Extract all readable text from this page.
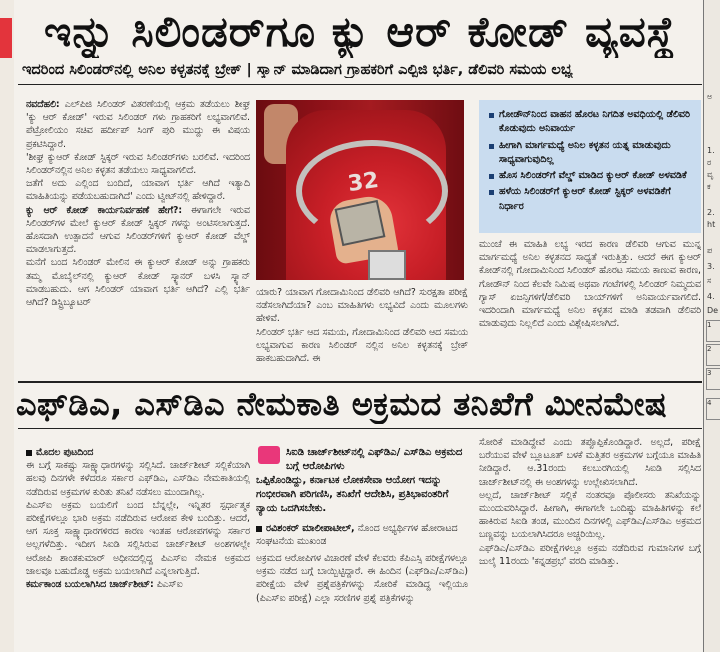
ಅ
1.
ರ
ವೃ
ಕ
2.
ht
ಪ
3.
ಸ
4.
De
1
2
3
4
ಇನ್ನು ಸಿಲಿಂಡರ್‌ಗೂ ಕ್ಯು ಆರ್ ಕೋಡ್ ವ್ಯವಸ್ಥೆ
ಇದರಿಂದ ಸಿಲಿಂಡರ್‌ನಲ್ಲಿ ಅನಿಲ ಕಳ್ಳತನಕ್ಕೆ ಬ್ರೇಕ್ | ಸ್ಕ್ಯಾನ್ ಮಾಡಿದಾಗ ಗ್ರಾಹಕರಿಗೆ ಎಲ್ಪಿಜಿ ಭರ್ತಿ, ಡೆಲಿವರಿ ಸಮಯ ಲಭ್ಯ

ನವದೆಹಲಿ: ಎಲ್‌ಪಿಜಿ ಸಿಲಿಂಡರ್ ವಿತರಣೆಯಲ್ಲಿ ಆಕ್ರಮ ತಡೆಯಲು ಶೀಘ್ರ 'ಕ್ಯು ಆರ್ ಕೋಡ್' ಇರುವ ಸಿಲಿಂಡರ್ ಗಳು ಗ್ರಾಹಕರಿಗೆ ಲಭ್ಯವಾಗಲಿವೆ. ಪೆಟ್ರೋಲಿಯಂ ಸಚಿವ ಹರ್ದೀಪ್ ಸಿಂಗ್ ಪುರಿ ಮುದ್ದು ಈ ವಿಷಯ ಪ್ರಕಟಿಸಿದ್ದಾರೆ.

'ಶೀಘ್ರ ಕ್ಯುಆರ್ ಕೋಡ್ ಸ್ಟಿಕ್ಕರ್ ಇರುವ ಸಿಲಿಂಡರ್‌ಗಳು ಬರಲಿವೆ. ಇದರಿಂದ ಸಿಲಿಂಡರ್‌ನಲ್ಲಿನ ಅನಿಲ ಕಳ್ಳತನ ತಡೆಯಲು ಸಾಧ್ಯವಾಗಲಿದೆ.

ಜತೆಗೆ ಅದು ಎಲ್ಲಿಂದ ಬಂದಿದೆ, ಯಾವಾಗ ಭರ್ತಿ ಆಗಿದೆ ಇತ್ಯಾದಿ ಮಾಹಿತಿಯನ್ನು ಪಡೆಯಬಹುದಾಗಿದೆ' ಎಂದು ಟ್ವೀಟ್‌ನಲ್ಲಿ ಹೇಳಿದ್ದಾರೆ.

ಕ್ಯು ಆರ್ ಕೋಡ್ ಕಾರ್ಯನಿರ್ವಹಣೆ ಹೇಗೆ?: ಈಗಾಗಲೇ ಇರುವ ಸಿಲಿಂಡರ್‌ಗಳ ಮೇಲೆ ಕ್ಯುಆರ್ ಕೋಡ್ ಸ್ಟಿಕ್ಕರ್ ಗಳನ್ನು ಅಂಟಿಸಲಾಗುತ್ತದೆ. ಹೊಸದಾಗಿ ಉತ್ಪಾದನೆ ಆಗುವ ಸಿಲಿಂಡರ್‌ಗಳಿಗೆ ಕ್ಯುಆರ್ ಕೋಡ್ ವೆಲ್ಡ್ ಮಾಡಲಾಗುತ್ತದೆ.

ಮನೆಗೆ ಬಂದ ಸಿಲಿಂಡರ್ ಮೇಲಿನ ಈ ಕ್ಯುಆರ್ ಕೋಡ್ ಅನ್ನು ಗ್ರಾಹಕರು ತಮ್ಮ ಮೊಬೈಲ್‌ನಲ್ಲಿ ಕ್ಯುಆರ್ ಕೋಡ್ ಸ್ಕ್ಯಾನರ್ ಬಳಸಿ ಸ್ಕ್ಯಾನ್ ಮಾಡಬಹುದು. ಆಗ ಸಿಲಿಂಡರ್ ಯಾವಾಗ ಭರ್ತಿ ಆಗಿದೆ? ಎಲ್ಲಿ ಭರ್ತಿ ಆಗಿದೆ? ಡಿಸ್ಟ್ರಿಬ್ಯೂಟರ್

32

ಯಾರು? ಯಾವಾಗ ಗೋದಾಮಿನಿಂದ ಡೆಲಿವರಿ ಆಗಿದೆ? ಸುರಕ್ಷತಾ ಪರೀಕ್ಷೆ ನಡೆಸಲಾಗಿದೆಯಾ? ಎಂಬ ಮಾಹಿತಿಗಳು ಲಭ್ಯವಿದೆ ಎಂದು ಮೂಲಗಳು ಹೇಳಿವೆ.

ಸಿಲಿಂಡರ್ ಭರ್ತಿ ಆದ ಸಮಯ, ಗೋದಾಮಿನಿಂದ ಡೆಲಿವರಿ ಆದ ಸಮಯ ಲಭ್ಯವಾಗುವ ಕಾರಣ ಸಿಲಿಂಡರ್ ನಲ್ಲಿನ ಅನಿಲ ಕಳ್ಳತನಕ್ಕೆ ಬ್ರೇಕ್ ಹಾಕಬಹುದಾಗಿದೆ. ಈ

ಗೋಡೌನ್‌ನಿಂದ ವಾಹನ ಹೊರಟ ನಿಗದಿತ ಅವಧಿಯಲ್ಲಿ ಡೆಲಿವರಿ ಕೊಡುವುದು ಅನಿವಾರ್ಯ
ಹೀಗಾಗಿ ಮಾರ್ಗಮಧ್ಯೆ ಅನಿಲ ಕಳ್ಳತನ ಯತ್ನ ಮಾಡುವುದು ಸಾಧ್ಯವಾಗುವುದಿಲ್ಲ
ಹೊಸ ಸಿಲಿಂಡರ್‌ಗೆ ವೆಲ್ಡ್ ಮಾಡಿದ ಕ್ಯುಆರ್ ಕೋಡ್ ಅಳವಡಿಕೆ
ಹಳೆಯ ಸಿಲಿಂಡರ್‌ಗೆ ಕ್ಯುಆರ್ ಕೋಡ್ ಸ್ಟಿಕ್ಕರ್ ಅಳವಡಿಕೆಗೆ ನಿರ್ಧಾರ

ಮುಂಚೆ ಈ ಮಾಹಿತಿ ಲಭ್ಯ ಇರದ ಕಾರಣ ಡೆಲಿವರಿ ಆಗುವ ಮುನ್ನ ಮಾರ್ಗಮಧ್ಯೆ ಅನಿಲ ಕಳ್ಳತನದ ಸಾಧ್ಯತೆ ಇರುತ್ತಿತ್ತು. ಆದರೆ ಈಗ ಕ್ಯುಆರ್ ಕೋಡ್‌ನಲ್ಲಿ ಗೋದಾಮಿನಿಂದ ಸಿಲಿಂಡರ್ ಹೊರಟ ಸಮಯ ಕಾಣುವ ಕಾರಣ, ಗೋಡೌನ್‌ ನಿಂದ ಕೆಲವೇ ನಿಮಿಷ ಅಥವಾ ಗಂಟೆಗಳಲ್ಲಿ ಸಿಲಿಂಡರ್ ನಿಮ್ಮದುವ ಗ್ಯಾಸ್ ಏಜನ್ಸಿಗಳಿಗೆ/ಡೆಲಿವರಿ ಬಾಯ್‌ಗಳಿಗೆ ಅನಿವಾರ್ಯವಾಗಲಿದೆ. ಇದರಿಂದಾಗಿ ಮಾರ್ಗಮಧ್ಯೆ ಅನಿಲ ಕಳ್ಳತನ ಮಾಡಿ ತಡವಾಗಿ ಡೆಲಿವರಿ ಮಾಡುವುದು ನಿಲ್ಲಲಿದೆ ಎಂದು ವಿಶ್ಲೇಷಿಸಲಾಗಿದೆ.

ಎಫ್‌ಡಿಎ, ಎಸ್‌ಡಿಎ ನೇಮಕಾತಿ ಅಕ್ರಮದ ತನಿಖೆಗೆ ಮೀನಮೇಷ

ಮೊದಲ ಪುಟದಿಂದ

ಈ ಬಗ್ಗೆ ಸಾಕಷ್ಟು ಸಾಕ್ಷ್ಯಾಧಾರಗಳನ್ನು ಸಲ್ಲಿಸಿದೆ. ಚಾರ್ಜ್‌ಶೀಟ್ ಸಲ್ಲಿಕೆಯಾಗಿ ಹಲವು ದಿನಗಳೇ ಕಳೆದರೂ ಸರ್ಕಾರ ಎಫ್‌ಡಿಎ, ಎಸ್‌ಡಿಎ ನೇಮಕಾತಿಯಲ್ಲಿ ನಡೆದಿರುವ ಅಕ್ರಮಗಳ ಕುರಿತು ತನಿಖೆ ನಡೆಸಲು ಮುಂದಾಗಿಲ್ಲ.

ಪಿಎಸ್‌ಐ ಅಕ್ರಮ ಬಯಲಿಗೆ ಬಂದ ಬೆನ್ನಲ್ಲೇ, ಇನ್ನಿತರ ಸ್ಪರ್ಧಾತ್ಮಕ ಪರೀಕ್ಷೆಗಳಲ್ಲೂ ಭಾರಿ ಅಕ್ರಮ ನಡೆದಿರುವ ಆರೋಪ ಕೇಳಿ ಬಂದಿತ್ತು. ಆದರೆ, ಆಗ ಸೂಕ್ತ ಸಾಕ್ಷ್ಯಾಧಾರಗಳಿರದ ಕಾರಣ ಇಂತಹ ಆರೋಪಗಳನ್ನು ಸರ್ಕಾರ ಅಲ್ಲಗಳೆದಿತ್ತು. ಇದೀಗ ಸಿಐಡಿ ಸಲ್ಲಿಸಿರುವ ಚಾರ್ಜ್‌ಶೀಟ್ ಅಂಶಗಳಲ್ಲೇ ಆರೋಪಿ ಶಾಂತಕುಮಾರ್ ಅಧೀನದಲ್ಲಿದ್ದ ಪಿಎಸ್‌ಐ ನೇಮಕ ಅಕ್ರಮದ ಜಾಲವೂ ಬಹುದೊಡ್ಡ ಅಕ್ರಮ ಬಯಲಾಗಿದೆ ಎನ್ನಲಾಗುತ್ತಿದೆ.

ಕರ್ಮಕಾಂಡ ಬಯಲಾಗಿಸಿದ ಚಾರ್ಜ್‌ಶೀಟ್: ಪಿಎಸ್‌ಐ

ಸಿಐಡಿ ಚಾರ್ಜ್‌ಶೀಟ್‌ನಲ್ಲಿ ಎಫ್‌ಡಿಎ/ ಎಸ್‌ಡಿಎ ಅಕ್ರಮದ ಬಗ್ಗೆ ಆರೋಪಿಗಳು
ಒಪ್ಪಿಕೊಂಡಿದ್ದು, ಕರ್ನಾಟಕ ಲೋಕಸೇವಾ ಆಯೋಗ ಇದನ್ನು ಗಂಭೀರವಾಗಿ ಪರಿಗಣಿಸಿ, ತನಿಖೆಗೆ ಆದೇಶಿಸಿ, ಪ್ರತಿಭಾವಂತರಿಗೆ ನ್ಯಾಯ ಒದಗಿಸಬೇಕು.
ರವಿಶಂಕರ್ ಮಾಲೀಪಾಟೀಲ್, ನೊಂದ ಅಭ್ಯರ್ಥಿಗಳ ಹೋರಾಟದ ಸಂಘಟನೆಯ ಮುಖಂಡ

ಅಕ್ರಮದ ಆರೋಪಿಗಳ ವಿಚಾರಣೆ ವೇಳೆ ಕೆಲವರು ಕೆಪಿಎಸ್ಸಿ ಪರೀಕ್ಷೆಗಳಲ್ಲೂ ಅಕ್ರಮ ನಡೆದ ಬಗ್ಗೆ ಬಾಯ್ಬಿಟ್ಟಿದ್ದಾರೆ. ಈ ಹಿಂದಿನ (ಎಫ್‌ಡಿಎ/ಎಸ್‌ಡಿಎ) ಪರೀಕ್ಷೆಯ ವೇಳೆ ಪ್ರಶ್ನೆಪತ್ರಿಕೆಗಳನ್ನು ಸೋರಿಕೆ ಮಾಡಿದ್ದ ಇಲ್ಲಿಯೂ (ಪಿಎಸ್‌ಐ ಪರೀಕ್ಷೆ) ಎಲ್ಲಾ ಸರಣಿಗಳ ಪ್ರಶ್ನೆ ಪತ್ರಿಕೆಗಳನ್ನು

ಸೋರಿಕೆ ಮಾಡಿದ್ದೇವೆ ಎಂದು ತಪ್ಪೊಪ್ಪಿಕೊಂಡಿದ್ದಾರೆ. ಅಲ್ಲದೆ, ಪರೀಕ್ಷೆ ಬರೆಯುವ ವೇಳೆ ಬ್ಲೂಟೂತ್ ಬಳಕೆ ಮತ್ತಿತರ ಅಕ್ರಮಗಳ ಬಗ್ಗೆಯೂ ಮಾಹಿತಿ ನೀಡಿದ್ದಾರೆ. ಆ.31ರಂದು ಕಲಬುರಗಿಯಲ್ಲಿ ಸಿಐಡಿ ಸಲ್ಲಿಸಿದ ಚಾರ್ಜ್‌ಶೀಟ್‌ನಲ್ಲಿ ಈ ಅಂಶಗಳನ್ನು ಉಲ್ಲೇಖಿಸಲಾಗಿದೆ.

ಅಲ್ಲದೆ, ಚಾರ್ಜ್‌ಶೀಟ್ ಸಲ್ಲಿಕೆ ನಂತರವೂ ಪೊಲೀಸರು ತನಿಖೆಯನ್ನು ಮುಂದುವರಿಸಿದ್ದಾರೆ. ಹೀಗಾಗಿ, ಈಗಾಗಲೇ ಒಂದಿಷ್ಟು ಮಾಹಿತಿಗಳನ್ನು ಕಲೆ ಹಾಕಿರುವ ಸಿಐಡಿ ತಂಡ, ಮುಂದಿನ ದಿನಗಳಲ್ಲಿ ಎಫ್‌ಡಿಎ/ಎಸ್‌ಡಿಎ ಅಕ್ರಮದ ಬಣ್ಣವನ್ನು ಬಯಲಾಗಿಸಿದರೂ ಅಚ್ಚರಿಯಿಲ್ಲ.

ಎಫ್‌ಡಿಎ/ಎಸ್‌ಡಿಎ ಪರೀಕ್ಷೆಗಳಲ್ಲೂ ಅಕ್ರಮ ನಡೆದಿರುವ ಗುಮಾನಿಗಳ ಬಗ್ಗೆ ಜುಲೈ 11ರಂದು 'ಕನ್ನಡಪ್ರಭ' ವರದಿ ಮಾಡಿತ್ತು.
